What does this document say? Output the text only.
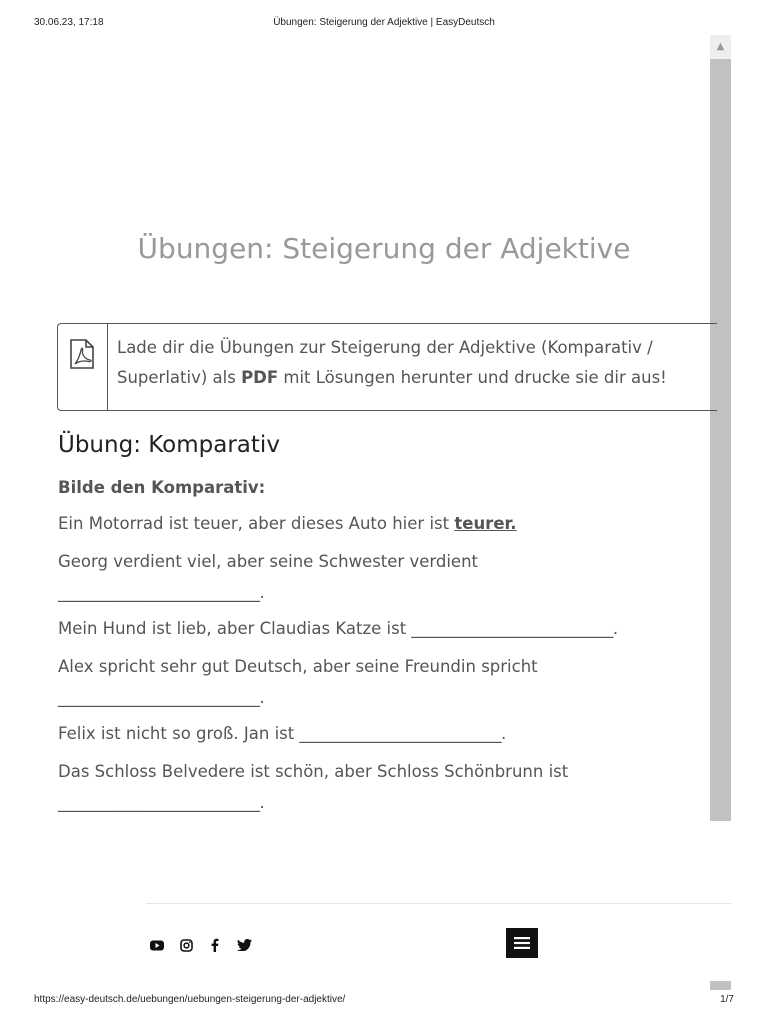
30.06.23, 17:18	Übungen: Steigerung der Adjektive | EasyDeutsch
▲
Übungen: Steigerung der Adjektive
Lade dir die Übungen zur Steigerung der Adjektive (Komparativ / Superlativ) als PDF mit Lösungen herunter und drucke sie dir aus!
Übung: Komparativ
Bilde den Komparativ:
Ein Motorrad ist teuer, aber dieses Auto hier ist teurer.
Georg verdient viel, aber seine Schwester verdient
__________________________.
Mein Hund ist lieb, aber Claudias Katze ist __________________________.
Alex spricht sehr gut Deutsch, aber seine Freundin spricht
__________________________.
Felix ist nicht so groß. Jan ist __________________________.
Das Schloss Belvedere ist schön, aber Schloss Schönbrunn ist
__________________________.
https://easy-deutsch.de/uebungen/uebungen-steigerung-der-adjektive/	1/7
